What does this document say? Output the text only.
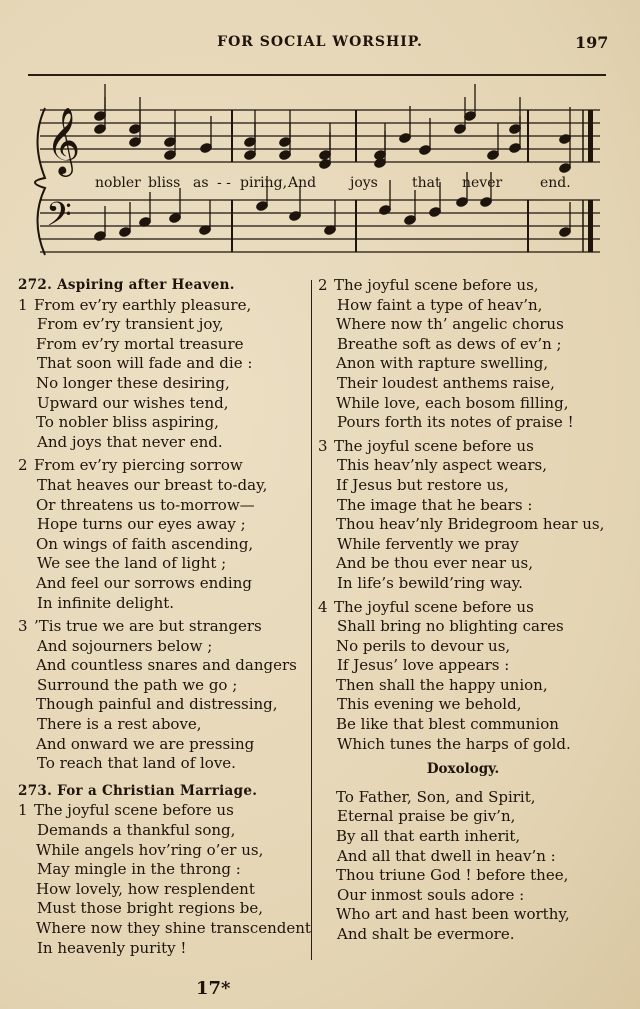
FOR SOCIAL WORSHIP.	197
𝄞
𝄢
nobler bliss as - - piring, And joys that never	end.
272. Aspiring after Heaven.
1 From ev’ry earthly pleasure,
From ev’ry transient joy,
From ev’ry mortal treasure
That soon will fade and die :
No longer these desiring,
Upward our wishes tend,
To nobler bliss aspiring,
And joys that never end.
2 From ev’ry piercing sorrow
That heaves our breast to-day,
Or threatens us to-morrow—
Hope turns our eyes away ;
On wings of faith ascending,
We see the land of light ;
And feel our sorrows ending
In infinite delight.
3 ’Tis true we are but strangers
And sojourners below ;
And countless snares and dangers
Surround the path we go ;
Though painful and distressing,
There is a rest above,
And onward we are pressing
To reach that land of love.
273. For a Christian Marriage.
1 The joyful scene before us
Demands a thankful song,
While angels hov’ring o’er us,
May mingle in the throng :
How lovely, how resplendent
Must those bright regions be,
Where now they shine transcendent
In heavenly purity !
2 The joyful scene before us,
How faint a type of heav’n,
Where now th’ angelic chorus
Breathe soft as dews of ev’n ;
Anon with rapture swelling,
Their loudest anthems raise,
While love, each bosom filling,
Pours forth its notes of praise !
3 The joyful scene before us
This heav’nly aspect wears,
If Jesus but restore us,
The image that he bears :
Thou heav’nly Bridegroom hear us,
While fervently we pray
And be thou ever near us,
In life’s bewild’ring way.
4 The joyful scene before us
Shall bring no blighting cares
No perils to devour us,
If Jesus’ love appears :
Then shall the happy union,
This evening we behold,
Be like that blest communion
Which tunes the harps of gold.
Doxology.
To Father, Son, and Spirit,
Eternal praise be giv’n,
By all that earth inherit,
And all that dwell in heav’n :
Thou triune God ! before thee,
Our inmost souls adore :
Who art and hast been worthy,
And shalt be evermore.
17*
